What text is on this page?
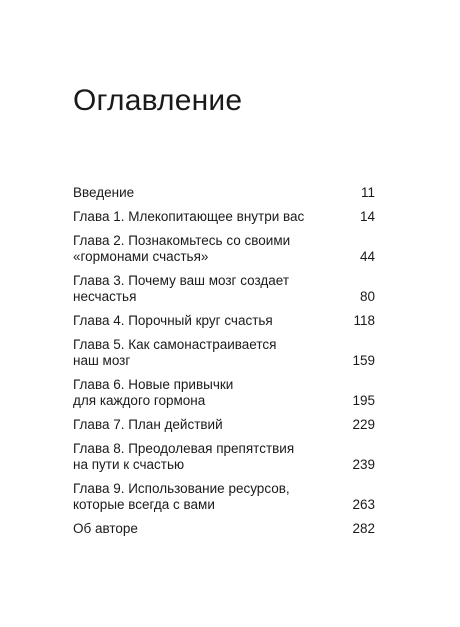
Оглавление
Введение	11
Глава 1. Млекопитающее внутри вас	14
Глава 2. Познакомьтесь со своими
«гормонами счастья»	44
Глава 3. Почему ваш мозг создает
несчастья	80
Глава 4. Порочный круг счастья	118
Глава 5. Как самонастраивается
наш мозг	159
Глава 6. Новые привычки
для каждого гормона	195
Глава 7. План действий	229
Глава 8. Преодолевая препятствия
на пути к счастью	239
Глава 9. Использование ресурсов,
которые всегда с вами	263
Об авторе	282
